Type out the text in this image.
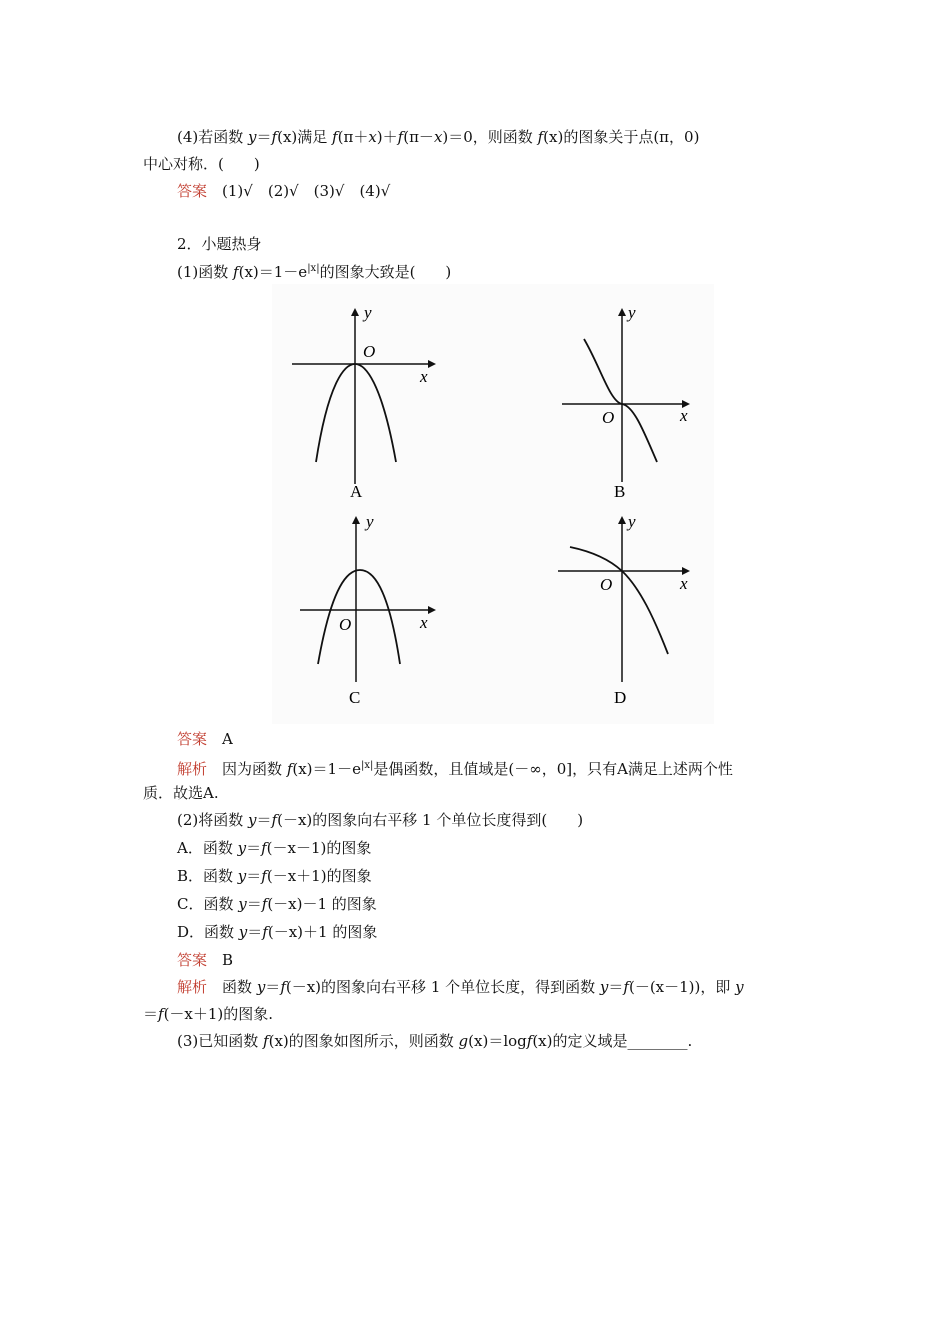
(4)若函数 y＝f(x)满足 f(π＋x)＋f(π－x)＝0，则函数 f(x)的图象关于点(π，0)
中心对称．(　　)
答案　 (1)√　(2)√　(3)√　(4)√
2．小题热身
(1)函数 $f(x)=1-e^{|x|}$的图象大致是(　　)
y
x
O
A
y
x
O
B
y
x
O
C
y
x
O
D
答案　 A
解析　 因为函数 $f(x)=1-e^{|x|}$是偶函数，且值域是(－∞，0]，只有A满足上述两个性
质．故选A.
(2)将函数 y＝f(－x)的图象向右平移 1 个单位长度得到(　　)
A．函数 y＝f(－x－1)的图象
B．函数 y＝f(－x＋1)的图象
C．函数 y＝f(－x)－1 的图象
D．函数 y＝f(－x)＋1 的图象
答案　 B
解析　 函数 y＝f(－x)的图象向右平移 1 个单位长度，得到函数 y＝f(－(x－1))，即 y
＝f(－x＋1)的图象.
(3)已知函数 f(x)的图象如图所示，则函数 g(x)＝logf(x)的定义域是________.
